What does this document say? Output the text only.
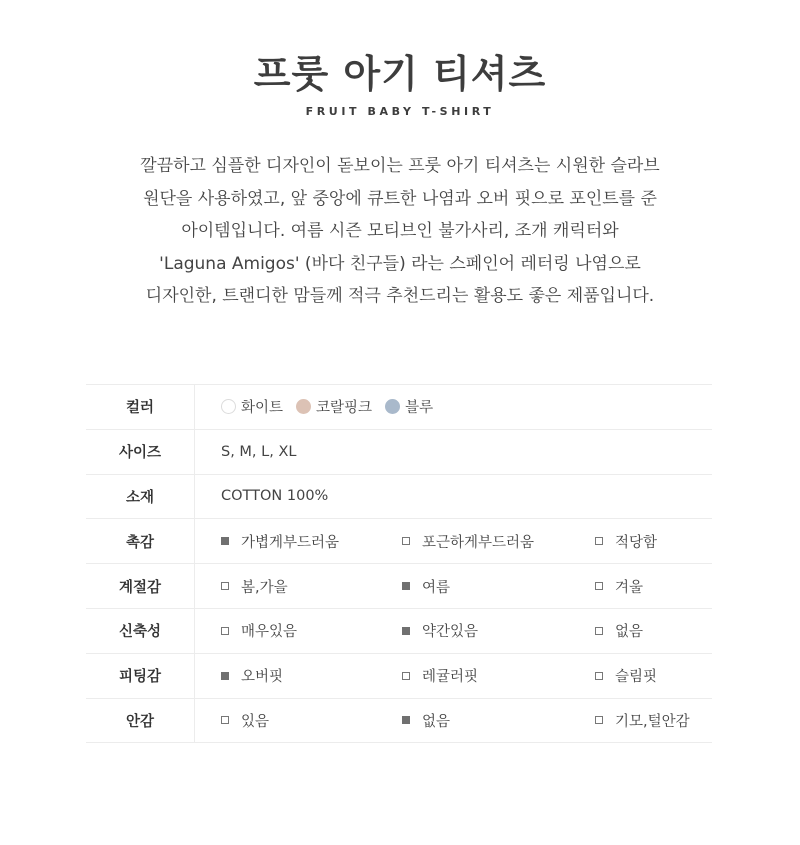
프룻 아기 티셔츠
FRUIT BABY T-SHIRT
깔끔하고 심플한 디자인이 돋보이는 프룻 아기 티셔츠는 시원한 슬라브
원단을 사용하였고, 앞 중앙에 큐트한 나염과 오버 핏으로 포인트를 준
아이템입니다. 여름 시즌 모티브인 불가사리, 조개 캐릭터와
'Laguna Amigos' (바다 친구들) 라는 스페인어 레터링 나염으로
디자인한, 트랜디한 맘들께 적극 추천드리는 활용도 좋은 제품입니다.
컬러	화이트 코랄핑크 블루

사이즈	S, M, L, XL

소재	COTTON 100%

촉감	가볍게부드러움 포근하게부드러움 적당함

계절감	봄,가을 여름 겨울

신축성	매우있음 약간있음 없음

피팅감	오버핏 레귤러핏 슬림핏

안감	있음 없음 기모,털안감
